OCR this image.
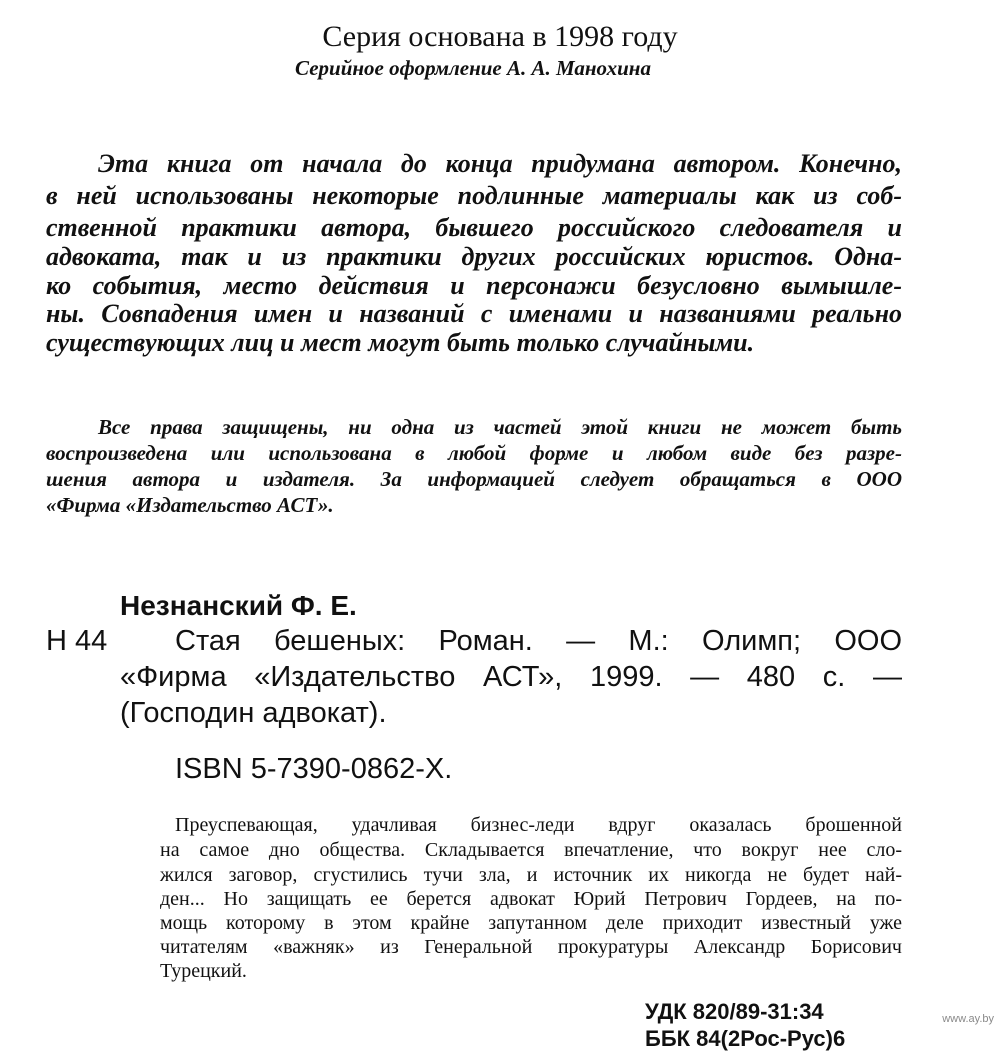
Серия основана в 1998 году
Серийное оформление А. А. Манохина
Эта книга от начала до конца придумана автором. Конечно,
в ней использованы некоторые подлинные материалы как из соб-
ственной практики автора, бывшего российского следователя и
адвоката, так и из практики других российских юристов. Одна-
ко события, место действия и персонажи безусловно вымышле-
ны. Совпадения имен и названий с именами и названиями реально
существующих лиц и мест могут быть только случайными.
Все права защищены, ни одна из частей этой книги не может быть
воспроизведена или использована в любой форме и любом виде без разре-
шения автора и издателя. За информацией следует обращаться в ООО
«Фирма «Издательство АСТ».
Незнанский Ф. Е.
Н 44 Стая бешеных: Роман. — М.: Олимп; ООО
«Фирма «Издательство АСТ», 1999. — 480 с. —
(Господин адвокат).
ISBN 5-7390-0862-X.
Преуспевающая, удачливая бизнес-леди вдруг оказалась брошенной
на самое дно общества. Складывается впечатление, что вокруг нее сло-
жился заговор, сгустились тучи зла, и источник их никогда не будет най-
ден... Но защищать ее берется адвокат Юрий Петрович Гордеев, на по-
мощь которому в этом крайне запутанном деле приходит известный уже
читателям «важняк» из Генеральной прокуратуры Александр Борисович
Турецкий.
УДК 820/89-31:34
ББК 84(2Рос-Рус)6
www.ay.by
